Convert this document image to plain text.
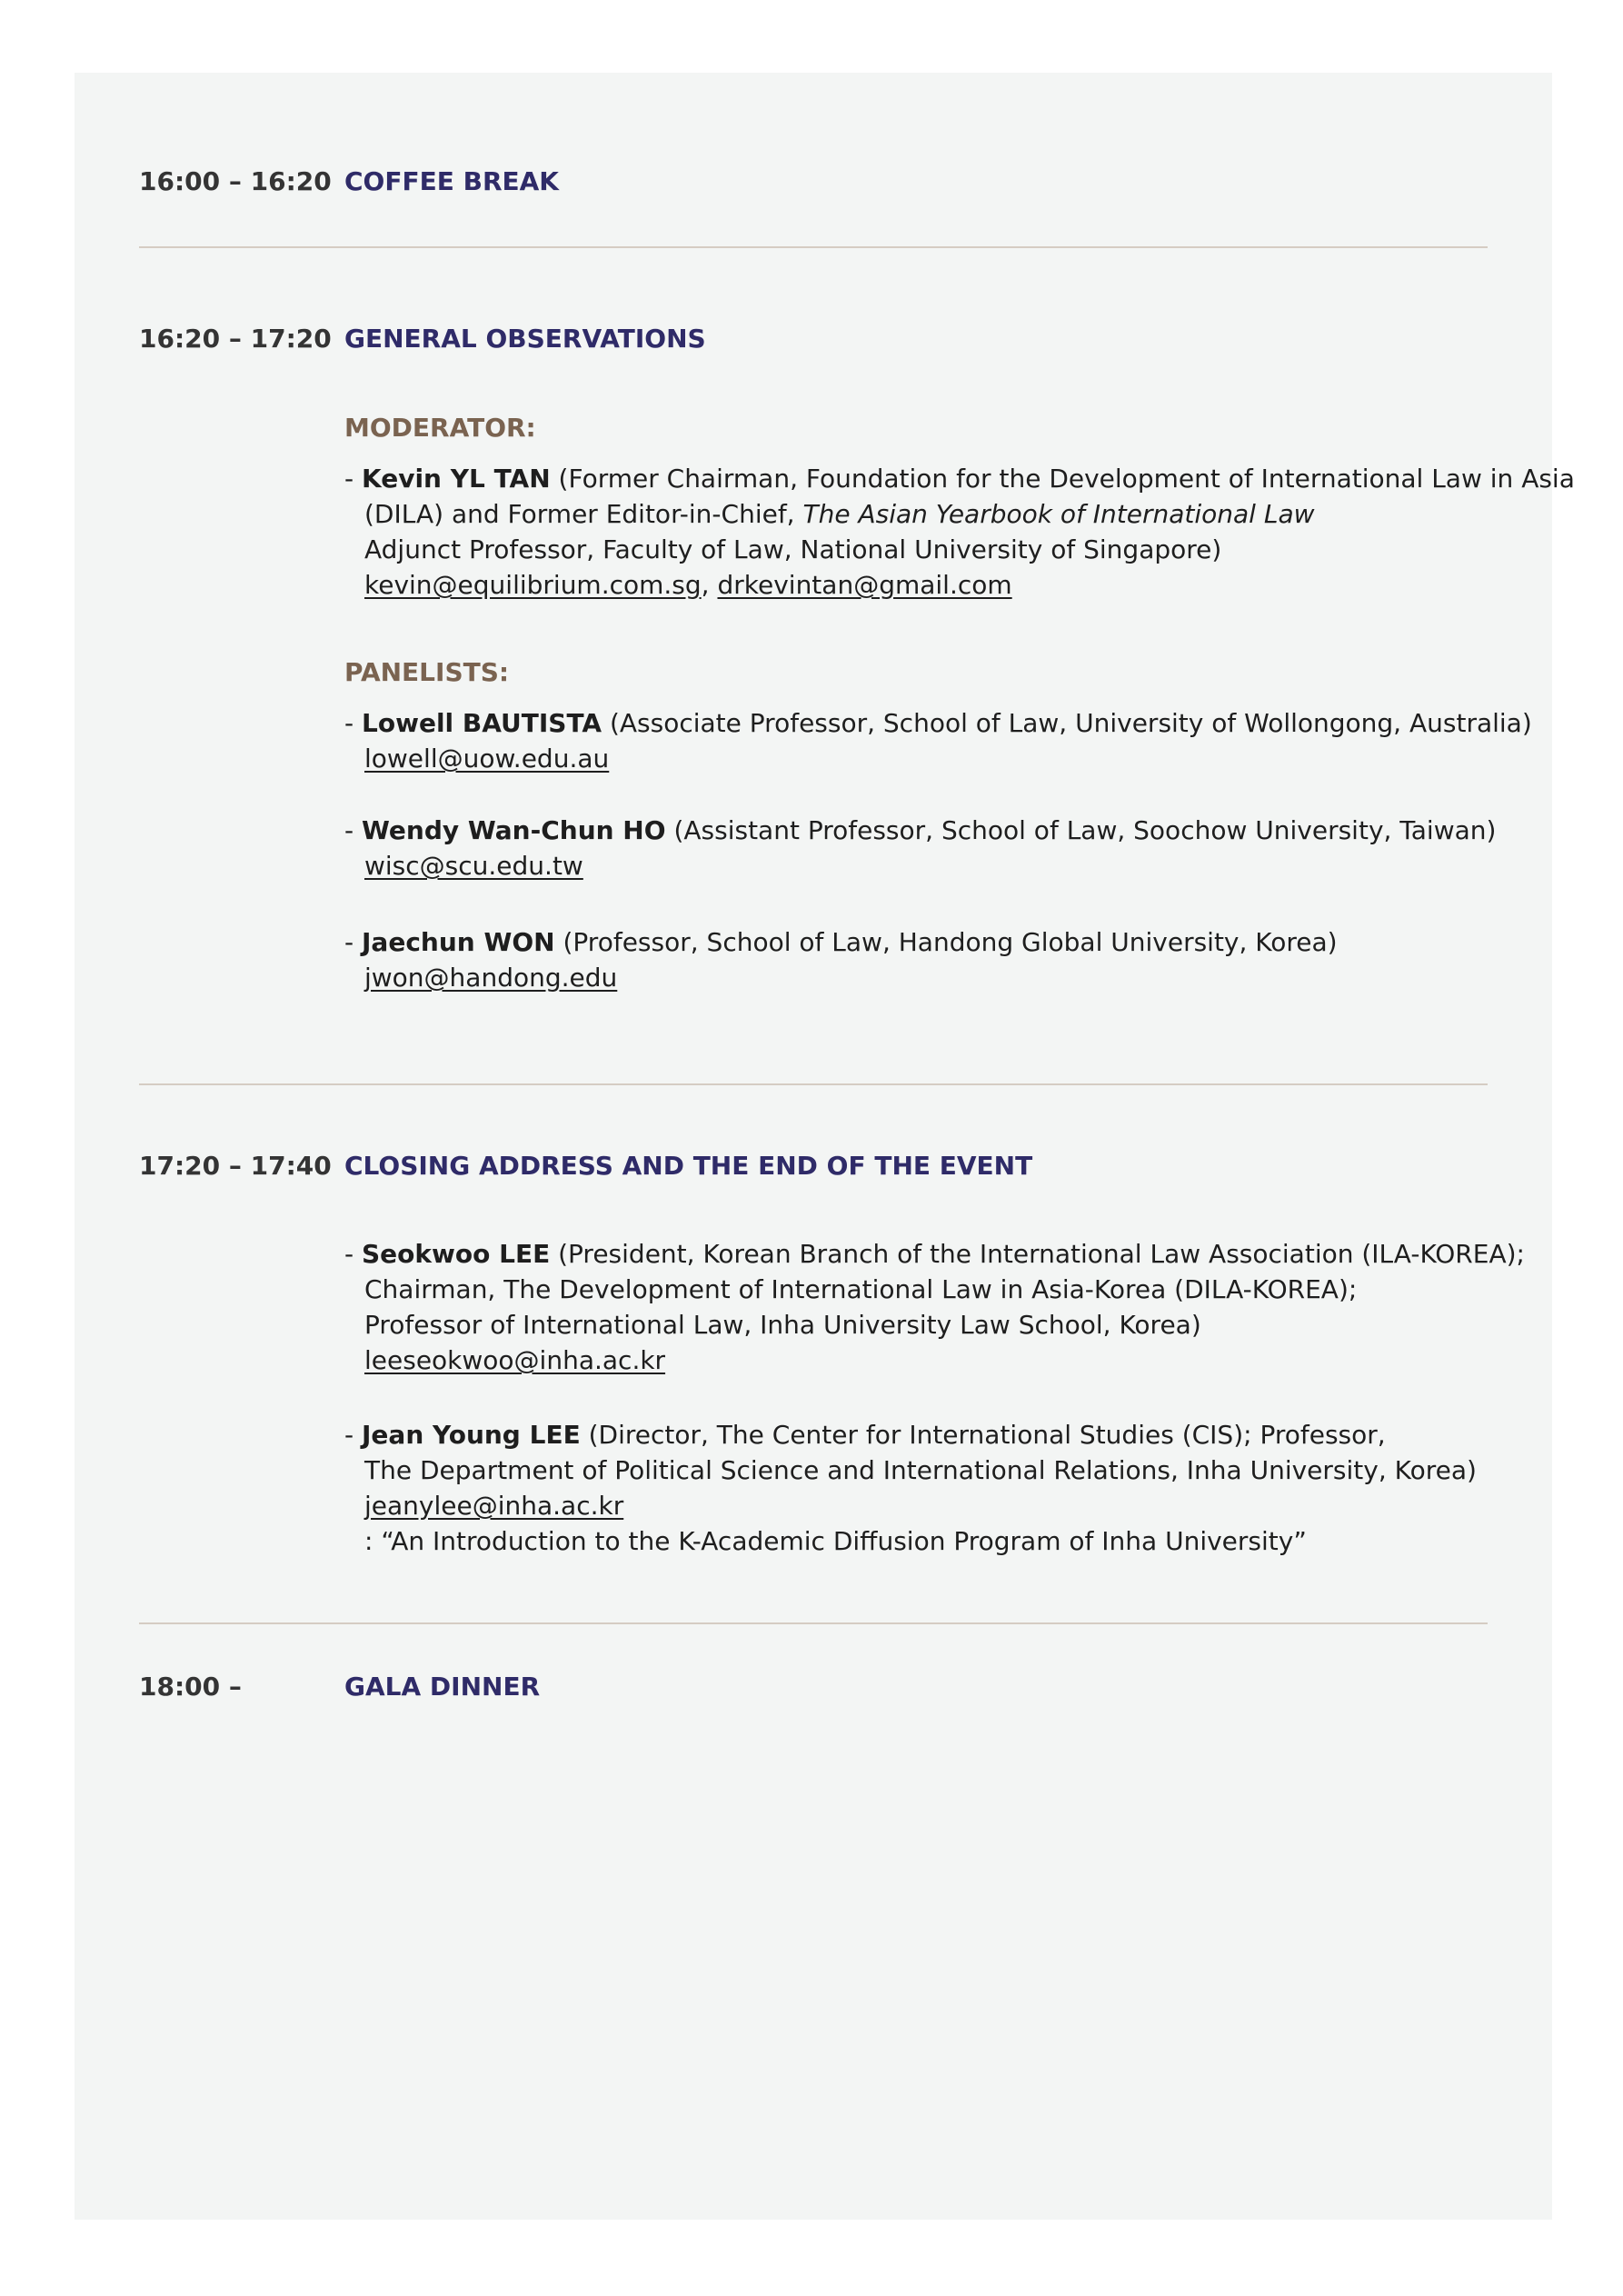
16:00 – 16:20 COFFEE BREAK
16:20 – 17:20 GENERAL OBSERVATIONS
MODERATOR:
- Kevin YL TAN (Former Chairman, Foundation for the Development of International Law in Asia
(DILA) and Former Editor-in-Chief, The Asian Yearbook of International Law
Adjunct Professor, Faculty of Law, National University of Singapore)
kevin@equilibrium.com.sg, drkevintan@gmail.com
PANELISTS:
- Lowell BAUTISTA (Associate Professor, School of Law, University of Wollongong, Australia)
lowell@uow.edu.au
- Wendy Wan-Chun HO (Assistant Professor, School of Law, Soochow University, Taiwan)
wisc@scu.edu.tw
- Jaechun WON (Professor, School of Law, Handong Global University, Korea)
jwon@handong.edu
17:20 – 17:40 CLOSING ADDRESS AND THE END OF THE EVENT
- Seokwoo LEE (President, Korean Branch of the International Law Association (ILA-KOREA);
Chairman, The Development of International Law in Asia-Korea (DILA-KOREA);
Professor of International Law, Inha University Law School, Korea)
leeseokwoo@inha.ac.kr
- Jean Young LEE (Director, The Center for International Studies (CIS); Professor,
The Department of Political Science and International Relations, Inha University, Korea)
jeanylee@inha.ac.kr
: “An Introduction to the K-Academic Diffusion Program of Inha University”
18:00 –	GALA DINNER
